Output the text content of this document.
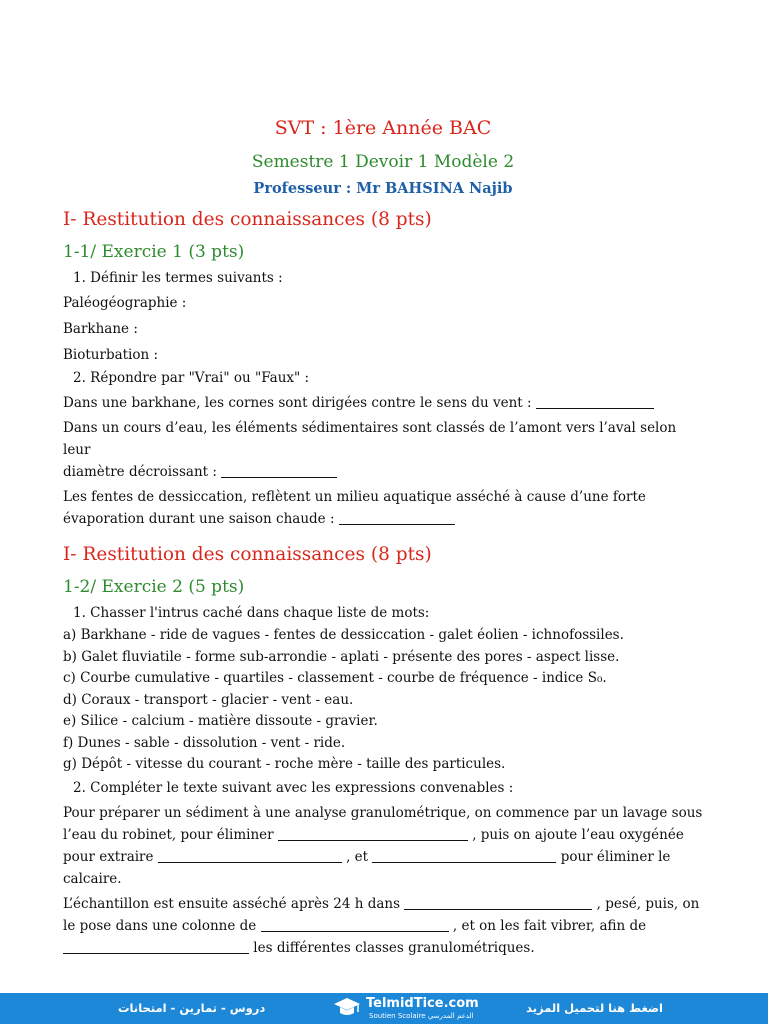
SVT : 1ère Année BAC
Semestre 1 Devoir 1 Modèle 2
Professeur : Mr BAHSINA Najib
I- Restitution des connaissances (8 pts)
1-1/ Exercie 1 (3 pts)
1. Définir les termes suivants :
Paléogéographie :
Barkhane :
Bioturbation :
2. Répondre par "Vrai" ou "Faux" :
Dans une barkhane, les cornes sont dirigées contre le sens du vent :
Dans un cours d’eau, les éléments sédimentaires sont classés de l’amont vers l’aval selon leur
diamètre décroissant :
Les fentes de dessiccation, reflètent un milieu aquatique asséché à cause d’une forte
évaporation durant une saison chaude :
I- Restitution des connaissances (8 pts)
1-2/ Exercie 2 (5 pts)
1. Chasser l'intrus caché dans chaque liste de mots:
a) Barkhane - ride de vagues - fentes de dessiccation - galet éolien - ichnofossiles.
b) Galet fluviatile - forme sub-arrondie - aplati - présente des pores - aspect lisse.
c) Courbe cumulative - quartiles - classement - courbe de fréquence - indice S₀.
d) Coraux - transport - glacier - vent - eau.
e) Silice - calcium - matière dissoute - gravier.
f) Dunes - sable - dissolution - vent - ride.
g) Dépôt - vitesse du courant - roche mère - taille des particules.
2. Compléter le texte suivant avec les expressions convenables :
Pour préparer un sédiment à une analyse granulométrique, on commence par un lavage sous
l’eau du robinet, pour éliminer	, puis on ajoute l’eau oxygénée
pour extraire	, et	pour éliminer le
calcaire.
L’échantillon est ensuite asséché après 24 h dans	, pesé, puis, on
le pose dans une colonne de	, et on les fait vibrer, afin de
les différentes classes granulométriques.
دروس - تمارين - امتحانات	TelmidTice.com
Soutien Scolaire الدعم المدرسي
اضغط هنا لتحميل المزيد
